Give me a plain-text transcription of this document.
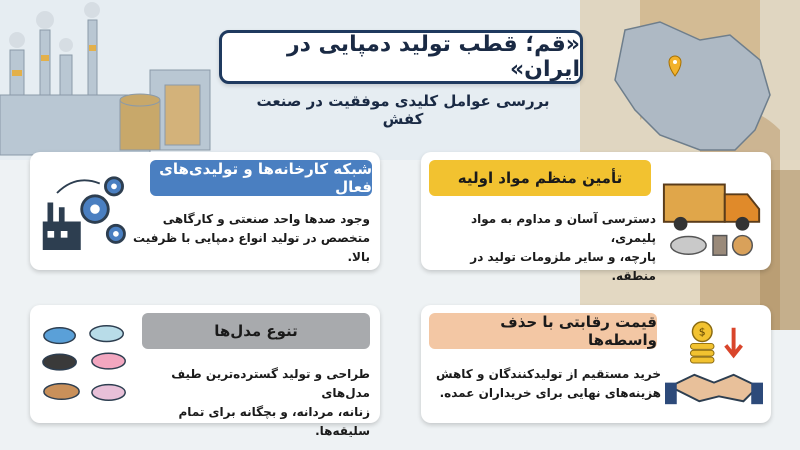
«قم؛ قطب تولید دمپایی در ایران»
بررسی عوامل کلیدی موفقیت در صنعت کفش
شبکه کارخانه‌ها و تولیدی‌های فعال
وجود صدها واحد صنعتی و کارگاهی
متخصص در تولید انواع دمپایی با ظرفیت بالا.
تأمین منظم مواد اولیه
دسترسی آسان و مداوم به مواد پلیمری،
پارچه، و سایر ملزومات تولید در منطقه.
تنوع مدل‌ها
طراحی و تولید گسترده‌ترین طیف مدل‌های
زنانه، مردانه، و بچگانه برای تمام سلیقه‌ها.
قیمت رقابتی با حذف واسطه‌ها
خرید مستقیم از تولیدکنندگان و کاهش
هزینه‌های نهایی برای خریداران عمده.
$
